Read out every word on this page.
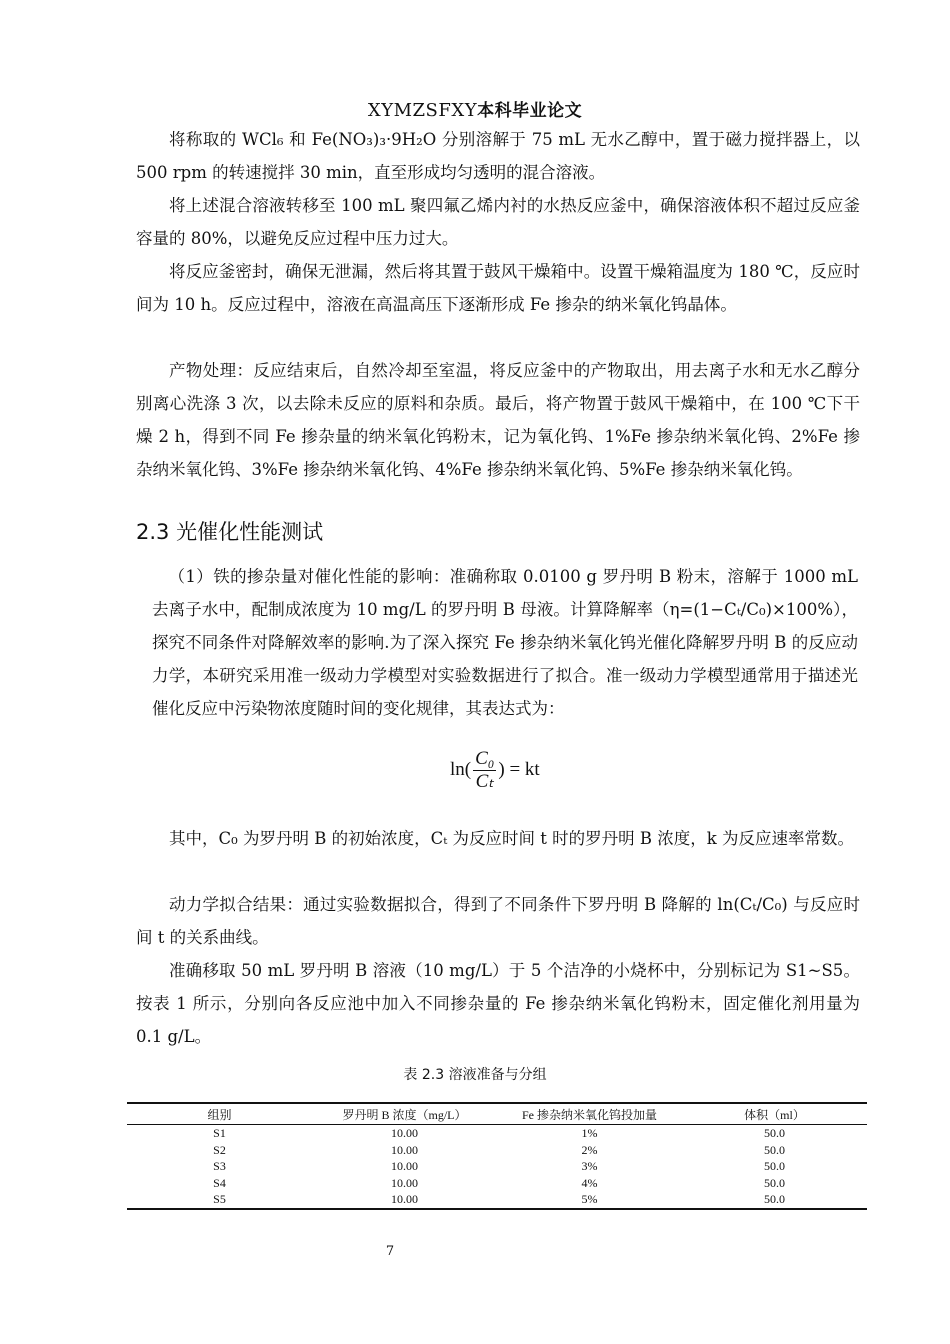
XYMZSFXY本科毕业论文

将称取的 WCl₆ 和 Fe(NO₃)₃·9H₂O 分别溶解于 75 mL 无水乙醇中，置于磁力搅拌器上，以 500 rpm 的转速搅拌 30 min，直至形成均匀透明的混合溶液。

将上述混合溶液转移至 100 mL 聚四氟乙烯内衬的水热反应釜中，确保溶液体积不超过反应釜容量的 80%，以避免反应过程中压力过大。

将反应釜密封，确保无泄漏，然后将其置于鼓风干燥箱中。设置干燥箱温度为 180 ℃，反应时间为 10 h。反应过程中，溶液在高温高压下逐渐形成 Fe 掺杂的纳米氧化钨晶体。

产物处理：反应结束后，自然冷却至室温，将反应釜中的产物取出，用去离子水和无水乙醇分别离心洗涤 3 次，以去除未反应的原料和杂质。最后，将产物置于鼓风干燥箱中，在 100 ℃下干燥 2 h，得到不同 Fe 掺杂量的纳米氧化钨粉末，记为氧化钨、1%Fe 掺杂纳米氧化钨、2%Fe 掺杂纳米氧化钨、3%Fe 掺杂纳米氧化钨、4%Fe 掺杂纳米氧化钨、5%Fe 掺杂纳米氧化钨。

2.3 光催化性能测试
（1）铁的掺杂量对催化性能的影响：准确称取 0.0100 g 罗丹明 B 粉末，溶解于 1000 mL 去离子水中，配制成浓度为 10 mg/L 的罗丹明 B 母液。计算降解率（η=(1−Cₜ/C₀)×100%），探究不同条件对降解效率的影响.为了深入探究 Fe 掺杂纳米氧化钨光催化降解罗丹明 B 的反应动力学，本研究采用准一级动力学模型对实验数据进行了拟合。准一级动力学模型通常用于描述光催化反应中污染物浓度随时间的变化规律，其表达式为：
$\ln( \frac{\text{C₀}}{\text{Cₜ}}$ ) = kt

其中，C₀ 为罗丹明 B 的初始浓度，Cₜ 为反应时间 t 时的罗丹明 B 浓度，k 为反应速率常数。

动力学拟合结果：通过实验数据拟合，得到了不同条件下罗丹明 B 降解的 ln(Cₜ/C₀) 与反应时间 t 的关系曲线。

准确移取 50 mL 罗丹明 B 溶液（10 mg/L）于 5 个洁净的小烧杯中，分别标记为 S1~S5。按表 1 所示，分别向各反应池中加入不同掺杂量的 Fe 掺杂纳米氧化钨粉末，固定催化剂用量为 0.1 g/L。

表 2.3 溶液准备与分组
组别	罗丹明 B 浓度（mg/L）	Fe 掺杂纳米氧化钨投加量	体积（ml）
S1	10.00	1%	50.0
S2	10.00	2%	50.0
S3	10.00	3%	50.0
S4	10.00	4%	50.0
S5	10.00	5%	50.0
7
